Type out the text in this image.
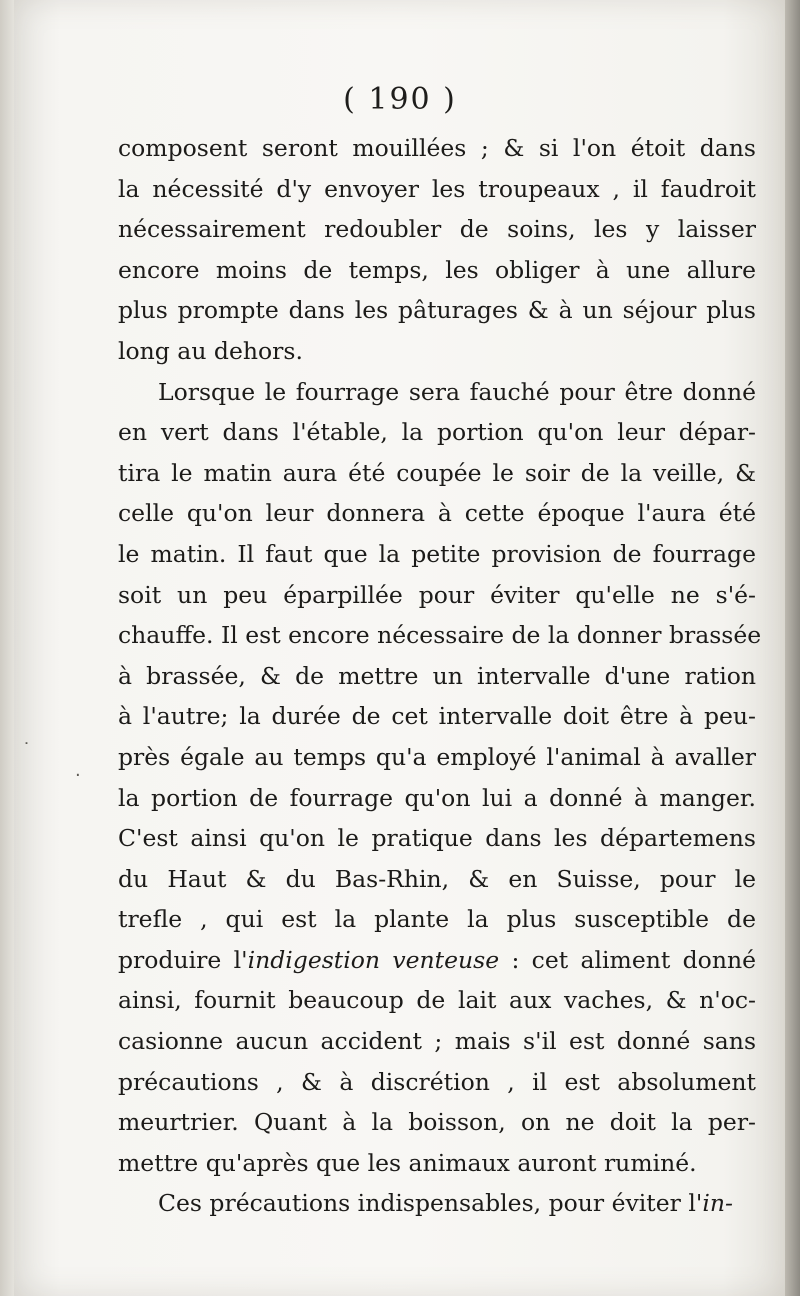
( 190 )
composent seront mouillées ; & si l'on étoit dans
la nécessité d'y envoyer les troupeaux , il faudroit
nécessairement redoubler de soins, les y laisser
encore moins de temps, les obliger à une allure
plus prompte dans les pâturages & à un séjour plus
long au dehors.
Lorsque le fourrage sera fauché pour être donné
en vert dans l'étable, la portion qu'on leur dépar-
tira le matin aura été coupée le soir de la veille, &
celle qu'on leur donnera à cette époque l'aura été
le matin. Il faut que la petite provision de fourrage
soit un peu éparpillée pour éviter qu'elle ne s'é-
chauffe. Il est encore nécessaire de la donner brassée
à brassée, & de mettre un intervalle d'une ration
à l'autre; la durée de cet intervalle doit être à peu-
près égale au temps qu'a employé l'animal à avaller
la portion de fourrage qu'on lui a donné à manger.
C'est ainsi qu'on le pratique dans les départemens
du Haut & du Bas-Rhin, & en Suisse, pour le
trefle , qui est la plante la plus susceptible de
produire l'indigestion venteuse : cet aliment donné
ainsi, fournit beaucoup de lait aux vaches, & n'oc-
casionne aucun accident ; mais s'il est donné sans
précautions , & à discrétion , il est absolument
meurtrier. Quant à la boisson, on ne doit la per-
mettre qu'après que les animaux auront ruminé.
Ces précautions indispensables, pour éviter l'in-
˙
·
